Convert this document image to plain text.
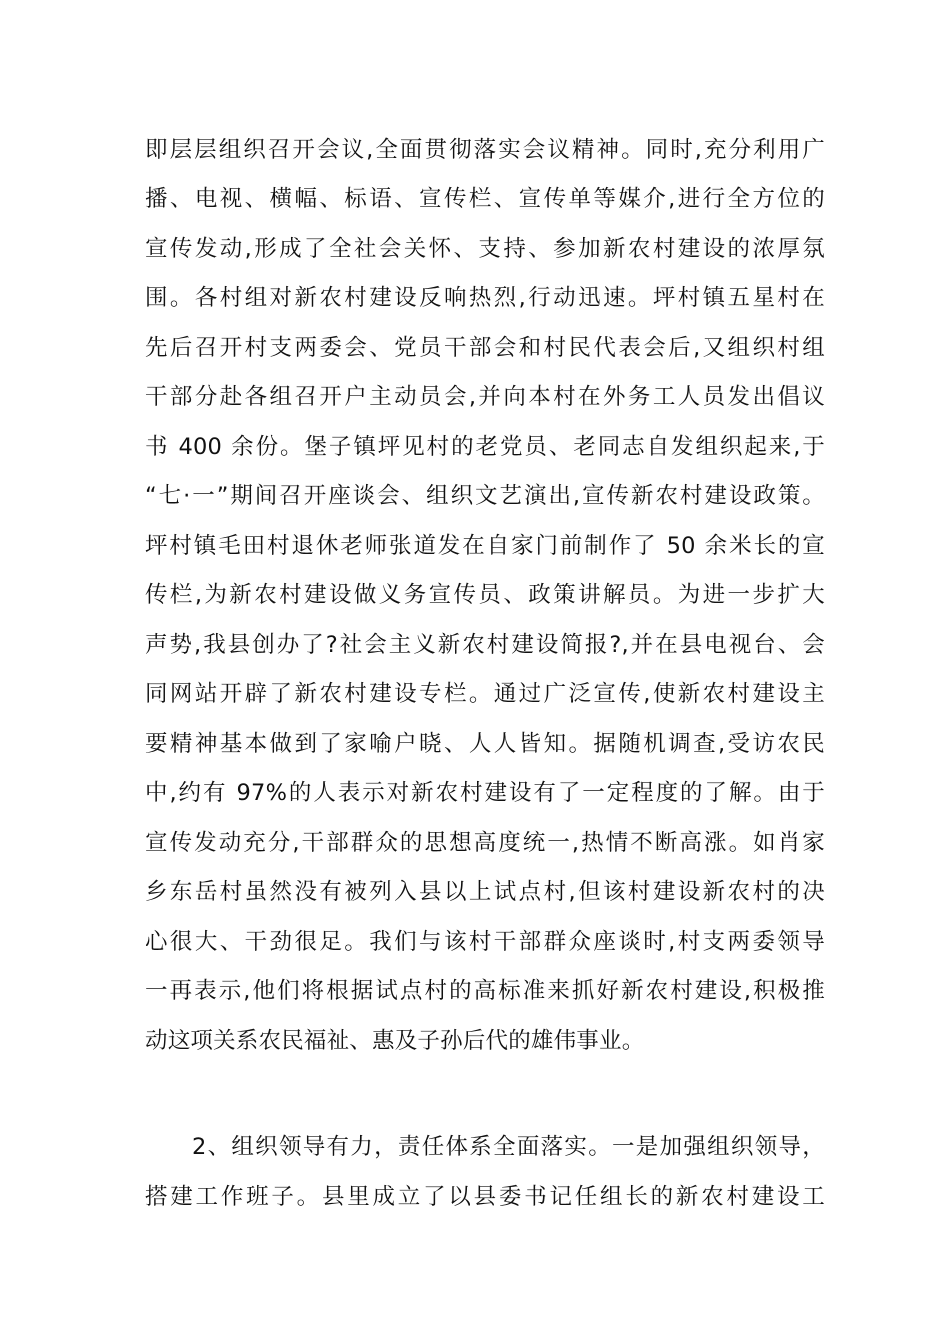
即层层组织召开会议,全面贯彻落实会议精神。同时,充分利用广
播、电视、横幅、标语、宣传栏、宣传单等媒介,进行全方位的
宣传发动,形成了全社会关怀、支持、参加新农村建设的浓厚氛
围。各村组对新农村建设反响热烈,行动迅速。坪村镇五星村在
先后召开村支两委会、党员干部会和村民代表会后,又组织村组
干部分赴各组召开户主动员会,并向本村在外务工人员发出倡议
书 400 余份。堡子镇坪见村的老党员、老同志自发组织起来,于
“七·一”期间召开座谈会、组织文艺演出,宣传新农村建设政策。
坪村镇毛田村退休老师张道发在自家门前制作了 50 余米长的宣
传栏,为新农村建设做义务宣传员、政策讲解员。为进一步扩大
声势,我县创办了?社会主义新农村建设简报?,并在县电视台、会
同网站开辟了新农村建设专栏。通过广泛宣传,使新农村建设主
要精神基本做到了家喻户晓、人人皆知。据随机调查,受访农民
中,约有 97%的人表示对新农村建设有了一定程度的了解。由于
宣传发动充分,干部群众的思想高度统一,热情不断高涨。如肖家
乡东岳村虽然没有被列入县以上试点村,但该村建设新农村的决
心很大、干劲很足。我们与该村干部群众座谈时,村支两委领导
一再表示,他们将根据试点村的高标准来抓好新农村建设,积极推
动这项关系农民福祉、惠及子孙后代的雄伟事业。
2、组织领导有力，责任体系全面落实。一是加强组织领导，
搭建工作班子。县里成立了以县委书记任组长的新农村建设工
